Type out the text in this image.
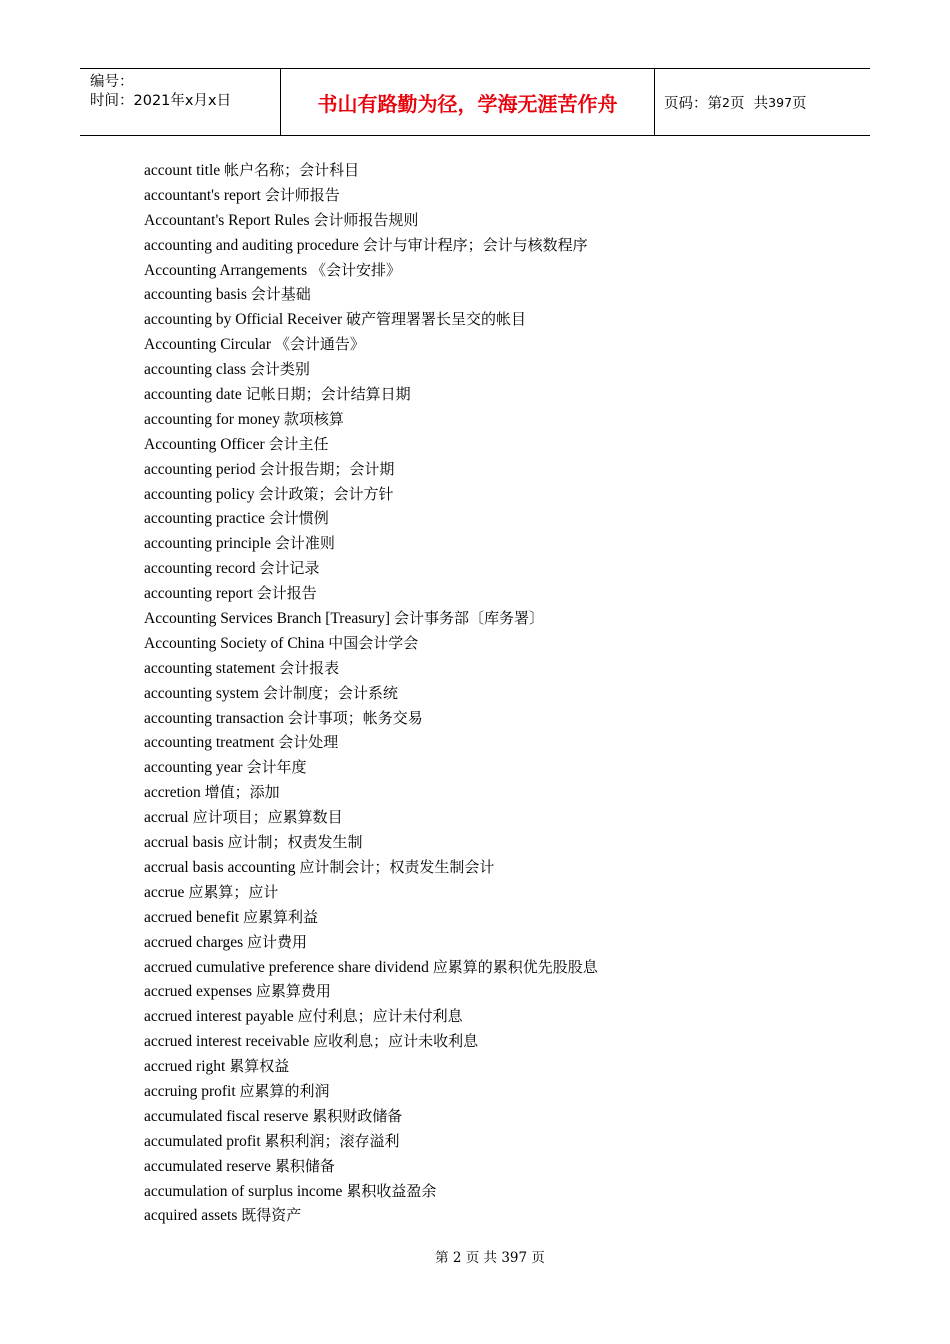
编号：
时间：2021年x月x日	书山有路勤为径，学海无涯苦作舟	页码：第 2 页  共 397 页
account title 帐户名称；会计科目
accountant's report 会计师报告
Accountant's Report Rules 会计师报告规则
accounting and auditing procedure 会计与审计程序；会计与核数程序
Accounting Arrangements 《会计安排》
accounting basis 会计基础
accounting by Official Receiver 破产管理署署长呈交的帐目
Accounting Circular 《会计通告》
accounting class 会计类别
accounting date 记帐日期；会计结算日期
accounting for money 款项核算
Accounting Officer 会计主任
accounting period 会计报告期；会计期
accounting policy 会计政策；会计方针
accounting practice 会计惯例
accounting principle 会计准则
accounting record 会计记录
accounting report 会计报告
Accounting Services Branch [Treasury] 会计事务部〔库务署〕
Accounting Society of China 中国会计学会
accounting statement 会计报表
accounting system 会计制度；会计系统
accounting transaction 会计事项；帐务交易
accounting treatment 会计处理
accounting year 会计年度
accretion 增值；添加
accrual 应计项目；应累算数目
accrual basis 应计制；权责发生制
accrual basis accounting 应计制会计；权责发生制会计
accrue 应累算；应计
accrued benefit 应累算利益
accrued charges 应计费用
accrued cumulative preference share dividend 应累算的累积优先股股息
accrued expenses 应累算费用
accrued interest payable 应付利息；应计未付利息
accrued interest receivable 应收利息；应计未收利息
accrued right 累算权益
accruing profit 应累算的利润
accumulated fiscal reserve 累积财政储备
accumulated profit 累积利润；滚存溢利
accumulated reserve 累积储备
accumulation of surplus income 累积收益盈余
acquired assets 既得资产
第 2 页 共 397 页
